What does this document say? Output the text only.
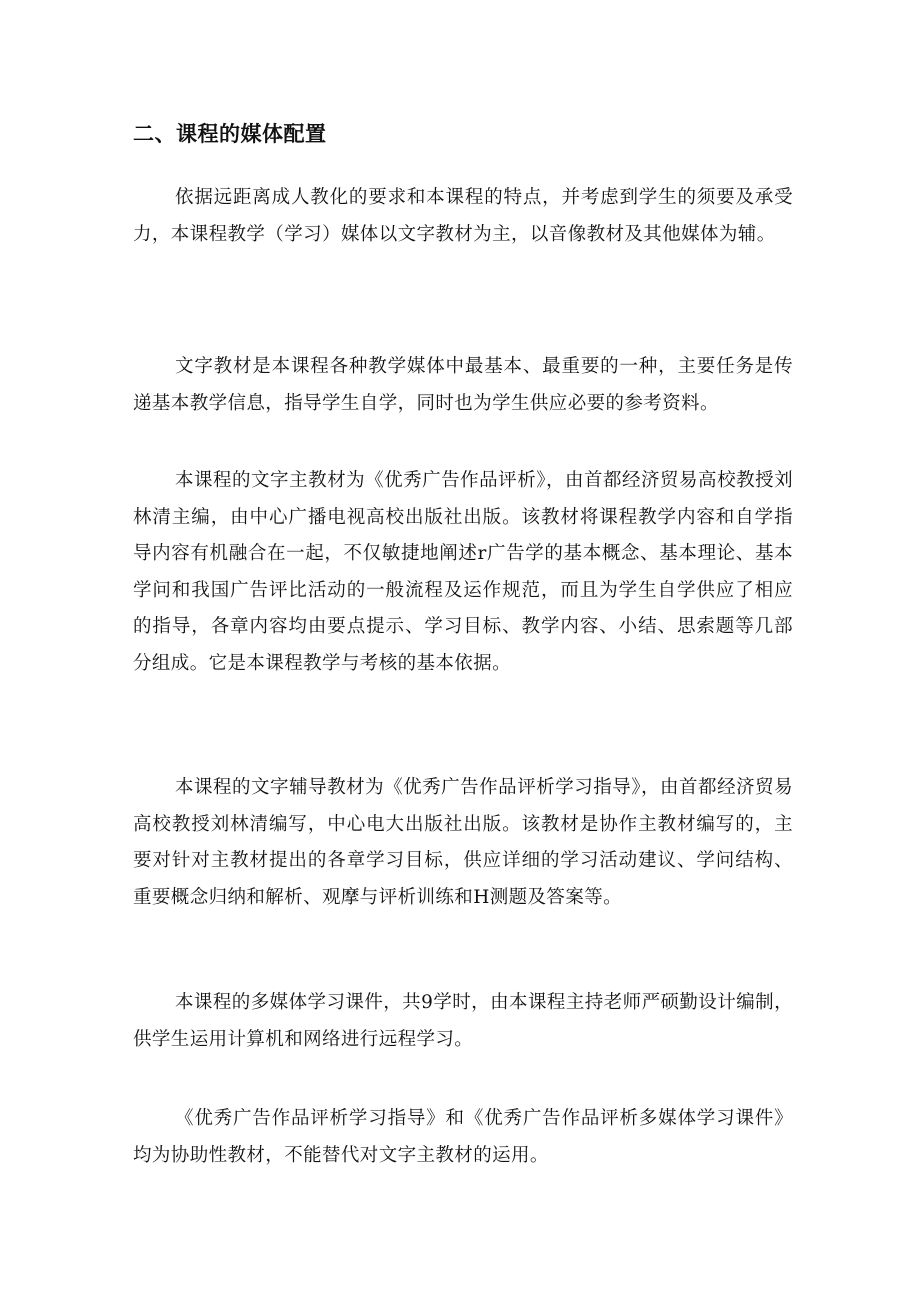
二、课程的媒体配置

依据远距离成人教化的要求和本课程的特点，并考虑到学生的须要及承受力，本课程教学（学习）媒体以文字教材为主，以音像教材及其他媒体为辅。

文字教材是本课程各种教学媒体中最基本、最重要的一种，主要任务是传递基本教学信息，指导学生自学，同时也为学生供应必要的参考资料。

本课程的文字主教材为《优秀广告作品评析》，由首都经济贸易高校教授刘林清主编，由中心广播电视高校出版社出版。该教材将课程教学内容和自学指导内容有机融合在一起，不仅敏捷地阐述r广告学的基本概念、基本理论、基本学问和我国广告评比活动的一般流程及运作规范，而且为学生自学供应了相应的指导，各章内容均由要点提示、学习目标、教学内容、小结、思索题等几部分组成。它是本课程教学与考核的基本依据。

本课程的文字辅导教材为《优秀广告作品评析学习指导》，由首都经济贸易高校教授刘林清编写，中心电大出版社出版。该教材是协作主教材编写的，主要对针对主教材提出的各章学习目标，供应详细的学习活动建议、学问结构、重要概念归纳和解析、观摩与评析训练和H测题及答案等。

本课程的多媒体学习课件，共9学时，由本课程主持老师严硕勤设计编制，供学生运用计算机和网络进行远程学习。

《优秀广告作品评析学习指导》和《优秀广告作品评析多媒体学习课件》均为协助性教材，不能替代对文字主教材的运用。
